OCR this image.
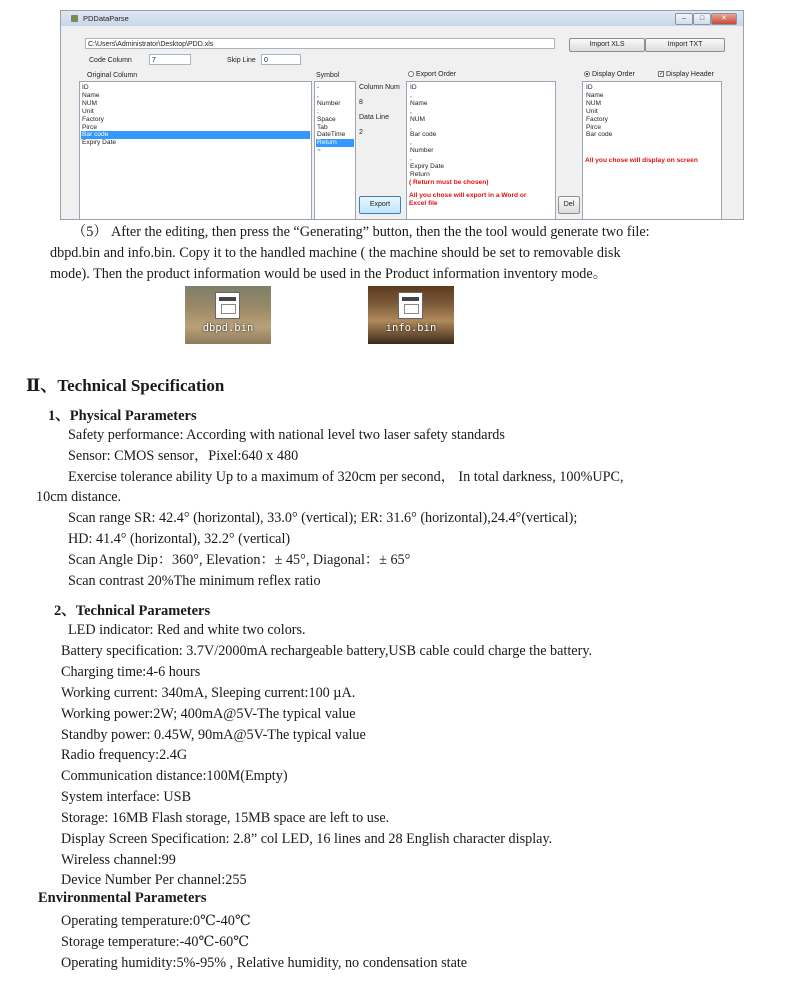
PDDataParse	–	□	✕
C:\Users\Administrator\Desktop\PDD.xls	Import XLS	Import TXT
Code Column	7	Skip Line	0
Original Column
ID
Name
NUM
Unit
Factory
Pirce
Bar code
Expiry Date
Symbol
-
,
Number
;
Space
Tab
DateTime
Return
~
Column Num
8
Data Line
2
Export Order
ID
,
Name
,
NUM
,
Bar code
,
Number
,
Expiry Date
Return
( Return must be chosen)
All you chose will export in a Word or
Excel file
Export	Del
Display Order	✓ Display Header
ID
Name
NUM
Unit
Factory
Pirce
Bar code
All you chose will display on screen
（5） After the editing, then press the “Generating” button, then the the tool would generate two file:
dbpd.bin and info.bin. Copy it to the handled machine ( the machine should be set to removable disk
mode). Then the product information would be used in the Product information inventory mode。
dbpd.bin	info.bin
Ⅱ、Technical Specification
1、Physical Parameters
Safety performance: According with national level two laser safety standards
Sensor: CMOS sensor，Pixel:640 x 480
Exercise tolerance ability Up to a maximum of 320cm per second， In total darkness, 100%UPC,
10cm distance.
Scan range SR: 42.4° (horizontal), 33.0° (vertical); ER: 31.6° (horizontal),24.4°(vertical);
HD: 41.4° (horizontal), 32.2° (vertical)
Scan Angle Dip：360°, Elevation：± 45°, Diagonal：± 65°
Scan contrast 20%The minimum reflex ratio
2、Technical Parameters
LED indicator: Red and white two colors.
Battery specification: 3.7V/2000mA rechargeable battery,USB cable could charge the battery.
Charging time:4-6 hours
Working current: 340mA, Sleeping current:100 µA.
Working power:2W; 400mA@5V-The typical value
Standby power: 0.45W, 90mA@5V-The typical value
Radio frequency:2.4G
Communication distance:100M(Empty)
System interface: USB
Storage: 16MB Flash storage, 15MB space are left to use.
Display Screen Specification: 2.8” col LED, 16 lines and 28 English character display.
Wireless channel:99
Device Number Per channel:255
Environmental Parameters
Operating temperature:0℃-40℃
Storage temperature:-40℃-60℃
Operating humidity:5%-95% , Relative humidity, no condensation state
